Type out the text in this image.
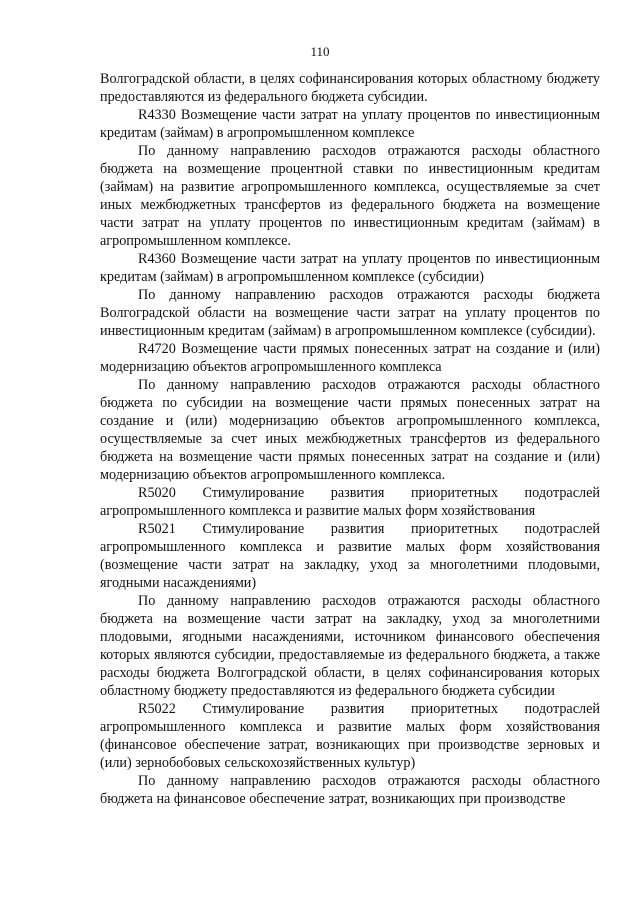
110

Волгоградской области, в целях софинансирования которых областному бюджету предоставляются из федерального бюджета субсидии.

R4330 Возмещение части затрат на уплату процентов по инвестиционным кредитам (займам) в агропромышленном комплексе

По данному направлению расходов отражаются расходы областного бюджета на возмещение процентной ставки по инвестиционным кредитам (займам) на развитие агропромышленного комплекса, осуществляемые за счет иных межбюджетных трансфертов из федерального бюджета на возмещение части затрат на уплату процентов по инвестиционным кредитам (займам) в агропромышленном комплексе.

R4360 Возмещение части затрат на уплату процентов по инвестиционным кредитам (займам) в агропромышленном комплексе (субсидии)

По данному направлению расходов отражаются расходы бюджета Волгоградской области на возмещение части затрат на уплату процентов по инвестиционным кредитам (займам) в агропромышленном комплексе (субсидии).

R4720 Возмещение части прямых понесенных затрат на создание и (или) модернизацию объектов агропромышленного комплекса

По данному направлению расходов отражаются расходы областного бюджета по субсидии на возмещение части прямых понесенных затрат на создание и (или) модернизацию объектов агропромышленного комплекса, осуществляемые за счет иных межбюджетных трансфертов из федерального бюджета на возмещение части прямых понесенных затрат на создание и (или) модернизацию объектов агропромышленного комплекса.

R5020 Стимулирование развития приоритетных подотраслей агропромышленного комплекса и развитие малых форм хозяйствования

R5021 Стимулирование развития приоритетных подотраслей агропромышленного комплекса и развитие малых форм хозяйствования (возмещение части затрат на закладку, уход за многолетними плодовыми, ягодными насаждениями)

По данному направлению расходов отражаются расходы областного бюджета на возмещение части затрат на закладку, уход за многолетними плодовыми, ягодными насаждениями, источником финансового обеспечения которых являются субсидии, предоставляемые из федерального бюджета, а также расходы бюджета Волгоградской области, в целях софинансирования которых областному бюджету предоставляются из федерального бюджета субсидии

R5022 Стимулирование развития приоритетных подотраслей агропромышленного комплекса и развитие малых форм хозяйствования (финансовое обеспечение затрат, возникающих при производстве зерновых и (или) зернобобовых сельскохозяйственных культур)

По данному направлению расходов отражаются расходы областного бюджета на финансовое обеспечение затрат, возникающих при производстве
